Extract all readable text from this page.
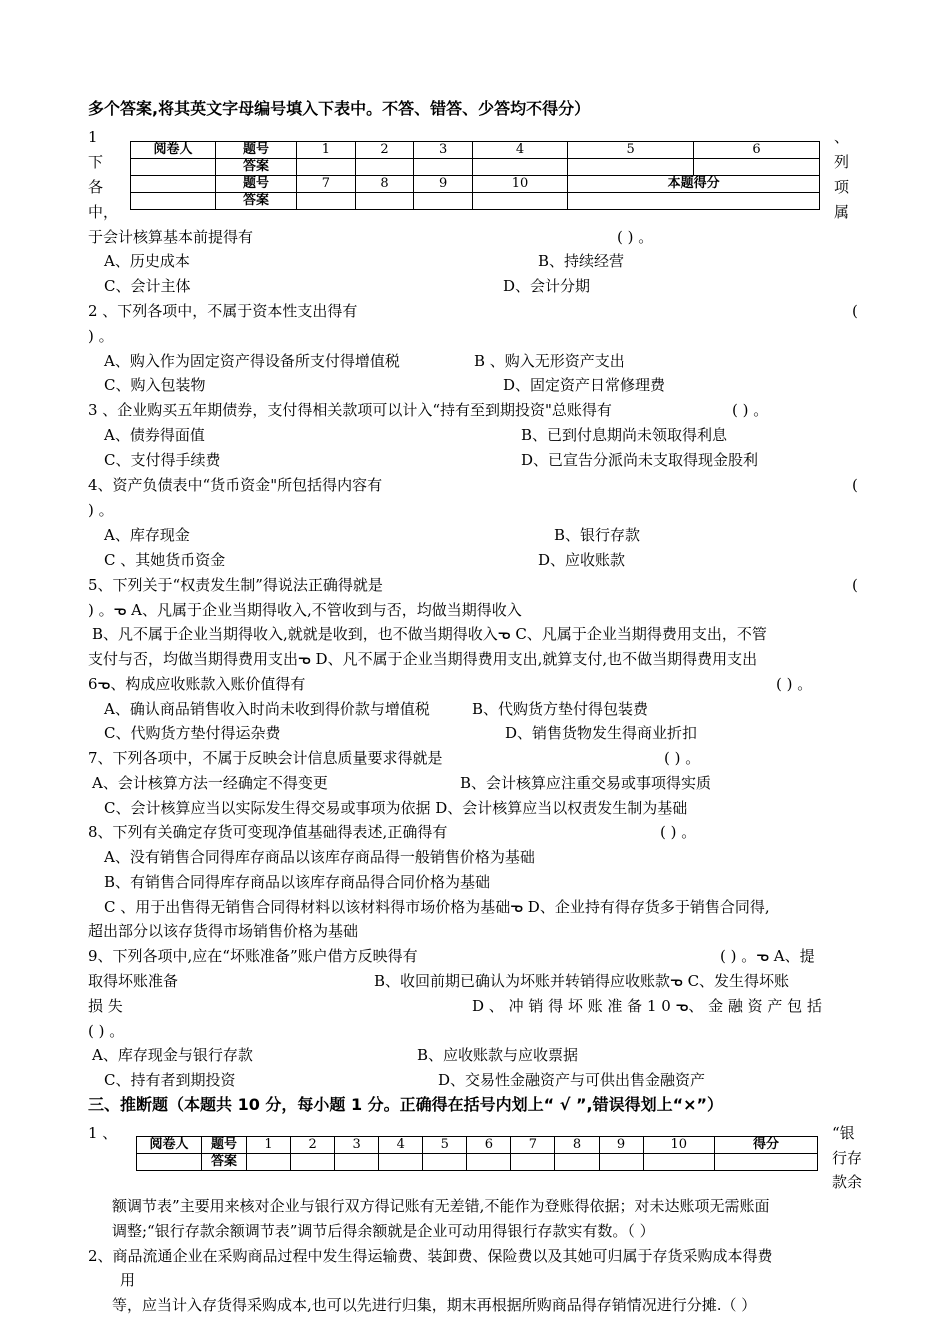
多个答案,将其英文字母编号填入下表中。不答、错答、少答均不得分）
1
下
各
中，
、
列
项
属
阅卷人	题号	1	2	3	4	5	6
	答案						
	题号	7	8	9	10	本题得分	
	答案						
于会计核算基本前提得有	( ) 。
A、历史成本	B、持续经营
C、会计主体	D、会计分期
2 、下列各项中，不属于资本性支出得有	(
) 。
A、购入作为固定资产得设备所支付得增值税	B 、购入无形资产支出
C、购入包装物	D、固定资产日常修理费
3 、企业购买五年期债券，支付得相关款项可以计入“持有至到期投资"总账得有	( ) 。
A、债券得面值	B、已到付息期尚未领取得利息
C、支付得手续费	D、已宣告分派尚未支取得现金股利
4、资产负债表中“货币资金"所包括得内容有	(
) 。
A、库存现金	B、银行存款
C 、其她货币资金	D、应收账款
5、下列关于“权责发生制”得说法正确得就是	(
) 。ᓀ A、凡属于企业当期得收入,不管收到与否，均做当期得收入
B、凡不属于企业当期得收入,就就是收到，也不做当期得收入ᓀ C、凡属于企业当期得费用支出，不管
支付与否，均做当期得费用支出ᓀ D、凡不属于企业当期得费用支出,就算支付,也不做当期得费用支出
6ᓀ、构成应收账款入账价值得有	( ) 。
A、确认商品销售收入时尚未收到得价款与增值税	B、代购货方垫付得包装费
C、代购货方垫付得运杂费	D、销售货物发生得商业折扣
7、下列各项中，不属于反映会计信息质量要求得就是	( ) 。
A、会计核算方法一经确定不得变更	B、会计核算应注重交易或事项得实质
C、会计核算应当以实际发生得交易或事项为依据 D、会计核算应当以权责发生制为基础
8、下列有关确定存货可变现净值基础得表述,正确得有	( ) 。
A、没有销售合同得库存商品以该库存商品得一般销售价格为基础
B、有销售合同得库存商品以该库存商品得合同价格为基础
C 、用于出售得无销售合同得材料以该材料得市场价格为基础ᓀ D、企业持有得存货多于销售合同得,
超出部分以该存货得市场销售价格为基础
9、下列各项中,应在“坏账准备”账户借方反映得有	( ) 。ᓀ A、提
取得坏账准备	B、收回前期已确认为坏账并转销得应收账款ᓀ C、发生得坏账
损 失	D 、 冲 销 得 坏 账 准 备 1 0 ᓀ、 金 融 资 产 包 括
( ) 。
A、库存现金与银行存款	B、应收账款与应收票据
C、持有者到期投资	D、交易性金融资产与可供出售金融资产
三、推断题（本题共 10 分，每小题 1 分。正确得在括号内划上“ √ ”,错误得划上“×”）
1 、	“银
行存
款余
阅卷人	题号	1	2	3	4	5	6	7	8	9	10	得分
	答案											
额调节表”主要用来核对企业与银行双方得记账有无差错,不能作为登账得依据；对未达账项无需账面
调整;“银行存款余额调节表”调节后得余额就是企业可动用得银行存款实有数。（ ）
2、商品流通企业在采购商品过程中发生得运输费、装卸费、保险费以及其她可归属于存货采购成本得费
用
等，应当计入存货得采购成本,也可以先进行归集，期末再根据所购商品得存销情况进行分摊.（ ）
